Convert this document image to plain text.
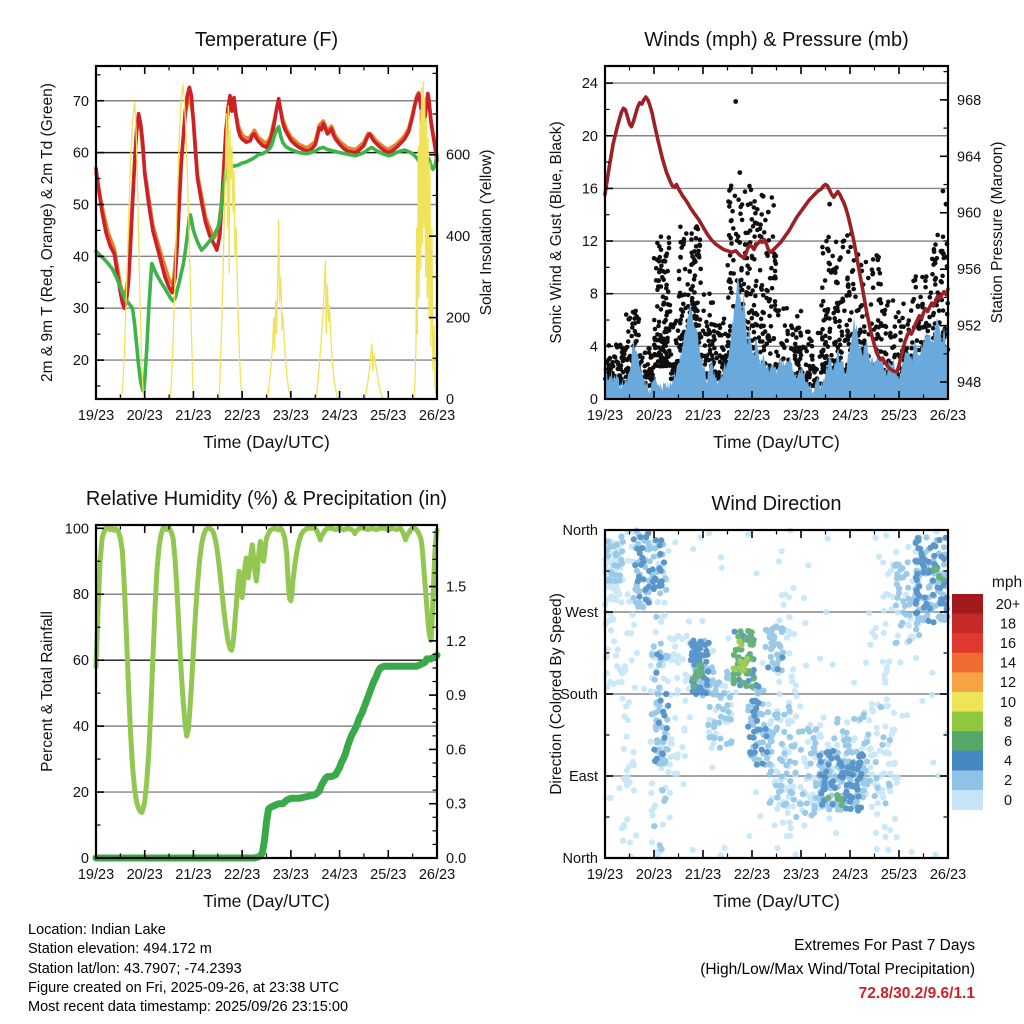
19/23 20/23 21/23 22/23 23/23 24/23 25/23 26/23
20
30
40
50
60
70
0
200
400
600
Temperature (F)
Time (Day/UTC)
2m & 9m T (Red, Orange) & 2m Td (Green)	Solar Insolation (Yellow)
19/23 20/23 21/23 22/23 23/23 24/23 25/23 26/23
0
4
8
12
16
20
24
948
952
956
960
964
968
Winds (mph) & Pressure (mb)
Time (Day/UTC)
Sonic Wind & Gust (Blue, Black)	Station Pressure (Maroon)
19/23 20/23 21/23 22/23 23/23 24/23 25/23 26/23
0
20
40
60
80
100
0.0
0.3
0.6
0.9
1.2
1.5
Relative Humidity (%) & Precipitation (in)
Time (Day/UTC)
Percent & Total Rainfall
19/23 20/23 21/23 22/23 23/23 24/23 25/23 26/23
North
East
South
West
North
Wind Direction
Time (Day/UTC)
Direction (Colored By Speed)
mph
20+
18
16
14
12
10
8
6
4
2
0
Location: Indian Lake
Station elevation: 494.172 m
Station lat/lon: 43.7907; -74.2393
Figure created on Fri, 2025-09-26, at 23:38 UTC
Most recent data timestamp: 2025/09/26 23:15:00
Extremes For Past 7 Days
(High/Low/Max Wind/Total Precipitation)
72.8/30.2/9.6/1.1
